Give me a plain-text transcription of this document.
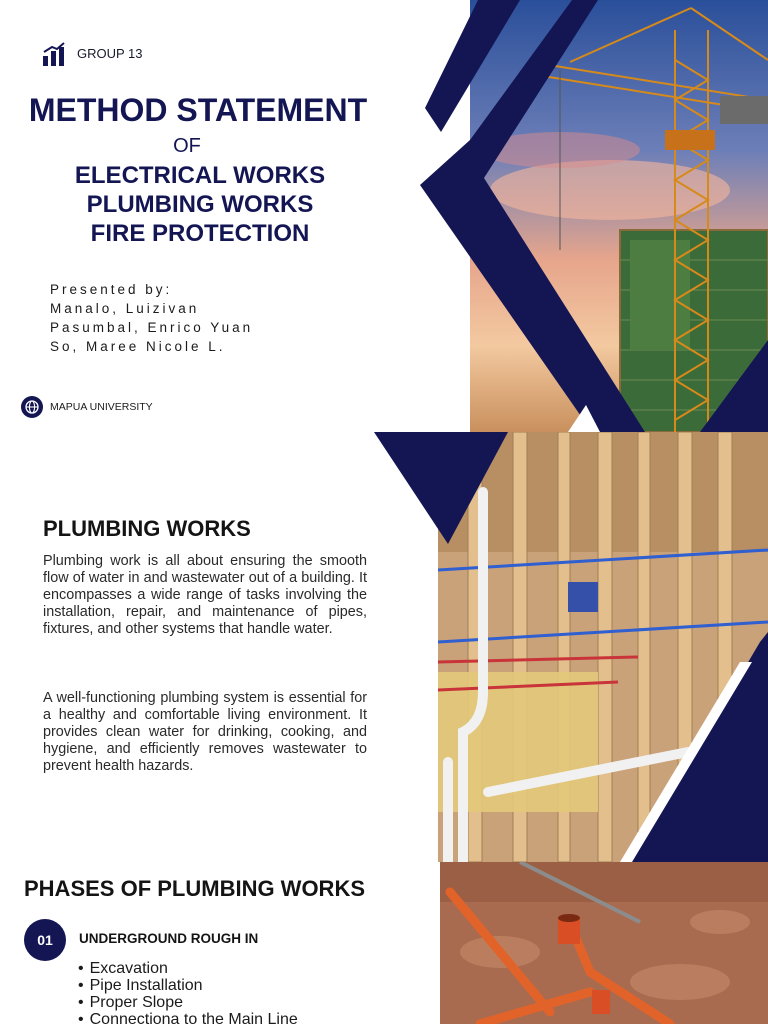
GROUP 13
METHOD STATEMENT
OF
ELECTRICAL WORKS
PLUMBING WORKS
FIRE PROTECTION
Presented by:
Manalo, Luizivan
Pasumbal, Enrico Yuan
So, Maree Nicole L.
MAPUA UNIVERSITY
PLUMBING WORKS
Plumbing work is all about ensuring the smooth flow of water in and wastewater out of a building. It encompasses a wide range of tasks involving the installation, repair, and maintenance of pipes, fixtures, and other systems that handle water.
A well-functioning plumbing system is essential for a healthy and comfortable living environment. It provides clean water for drinking, cooking, and hygiene, and efficiently removes wastewater to prevent health hazards.
PHASES OF PLUMBING WORKS
01	UNDERGROUND ROUGH IN
• Excavation
• Pipe Installation
• Proper Slope
• Connectiona to the Main Line
